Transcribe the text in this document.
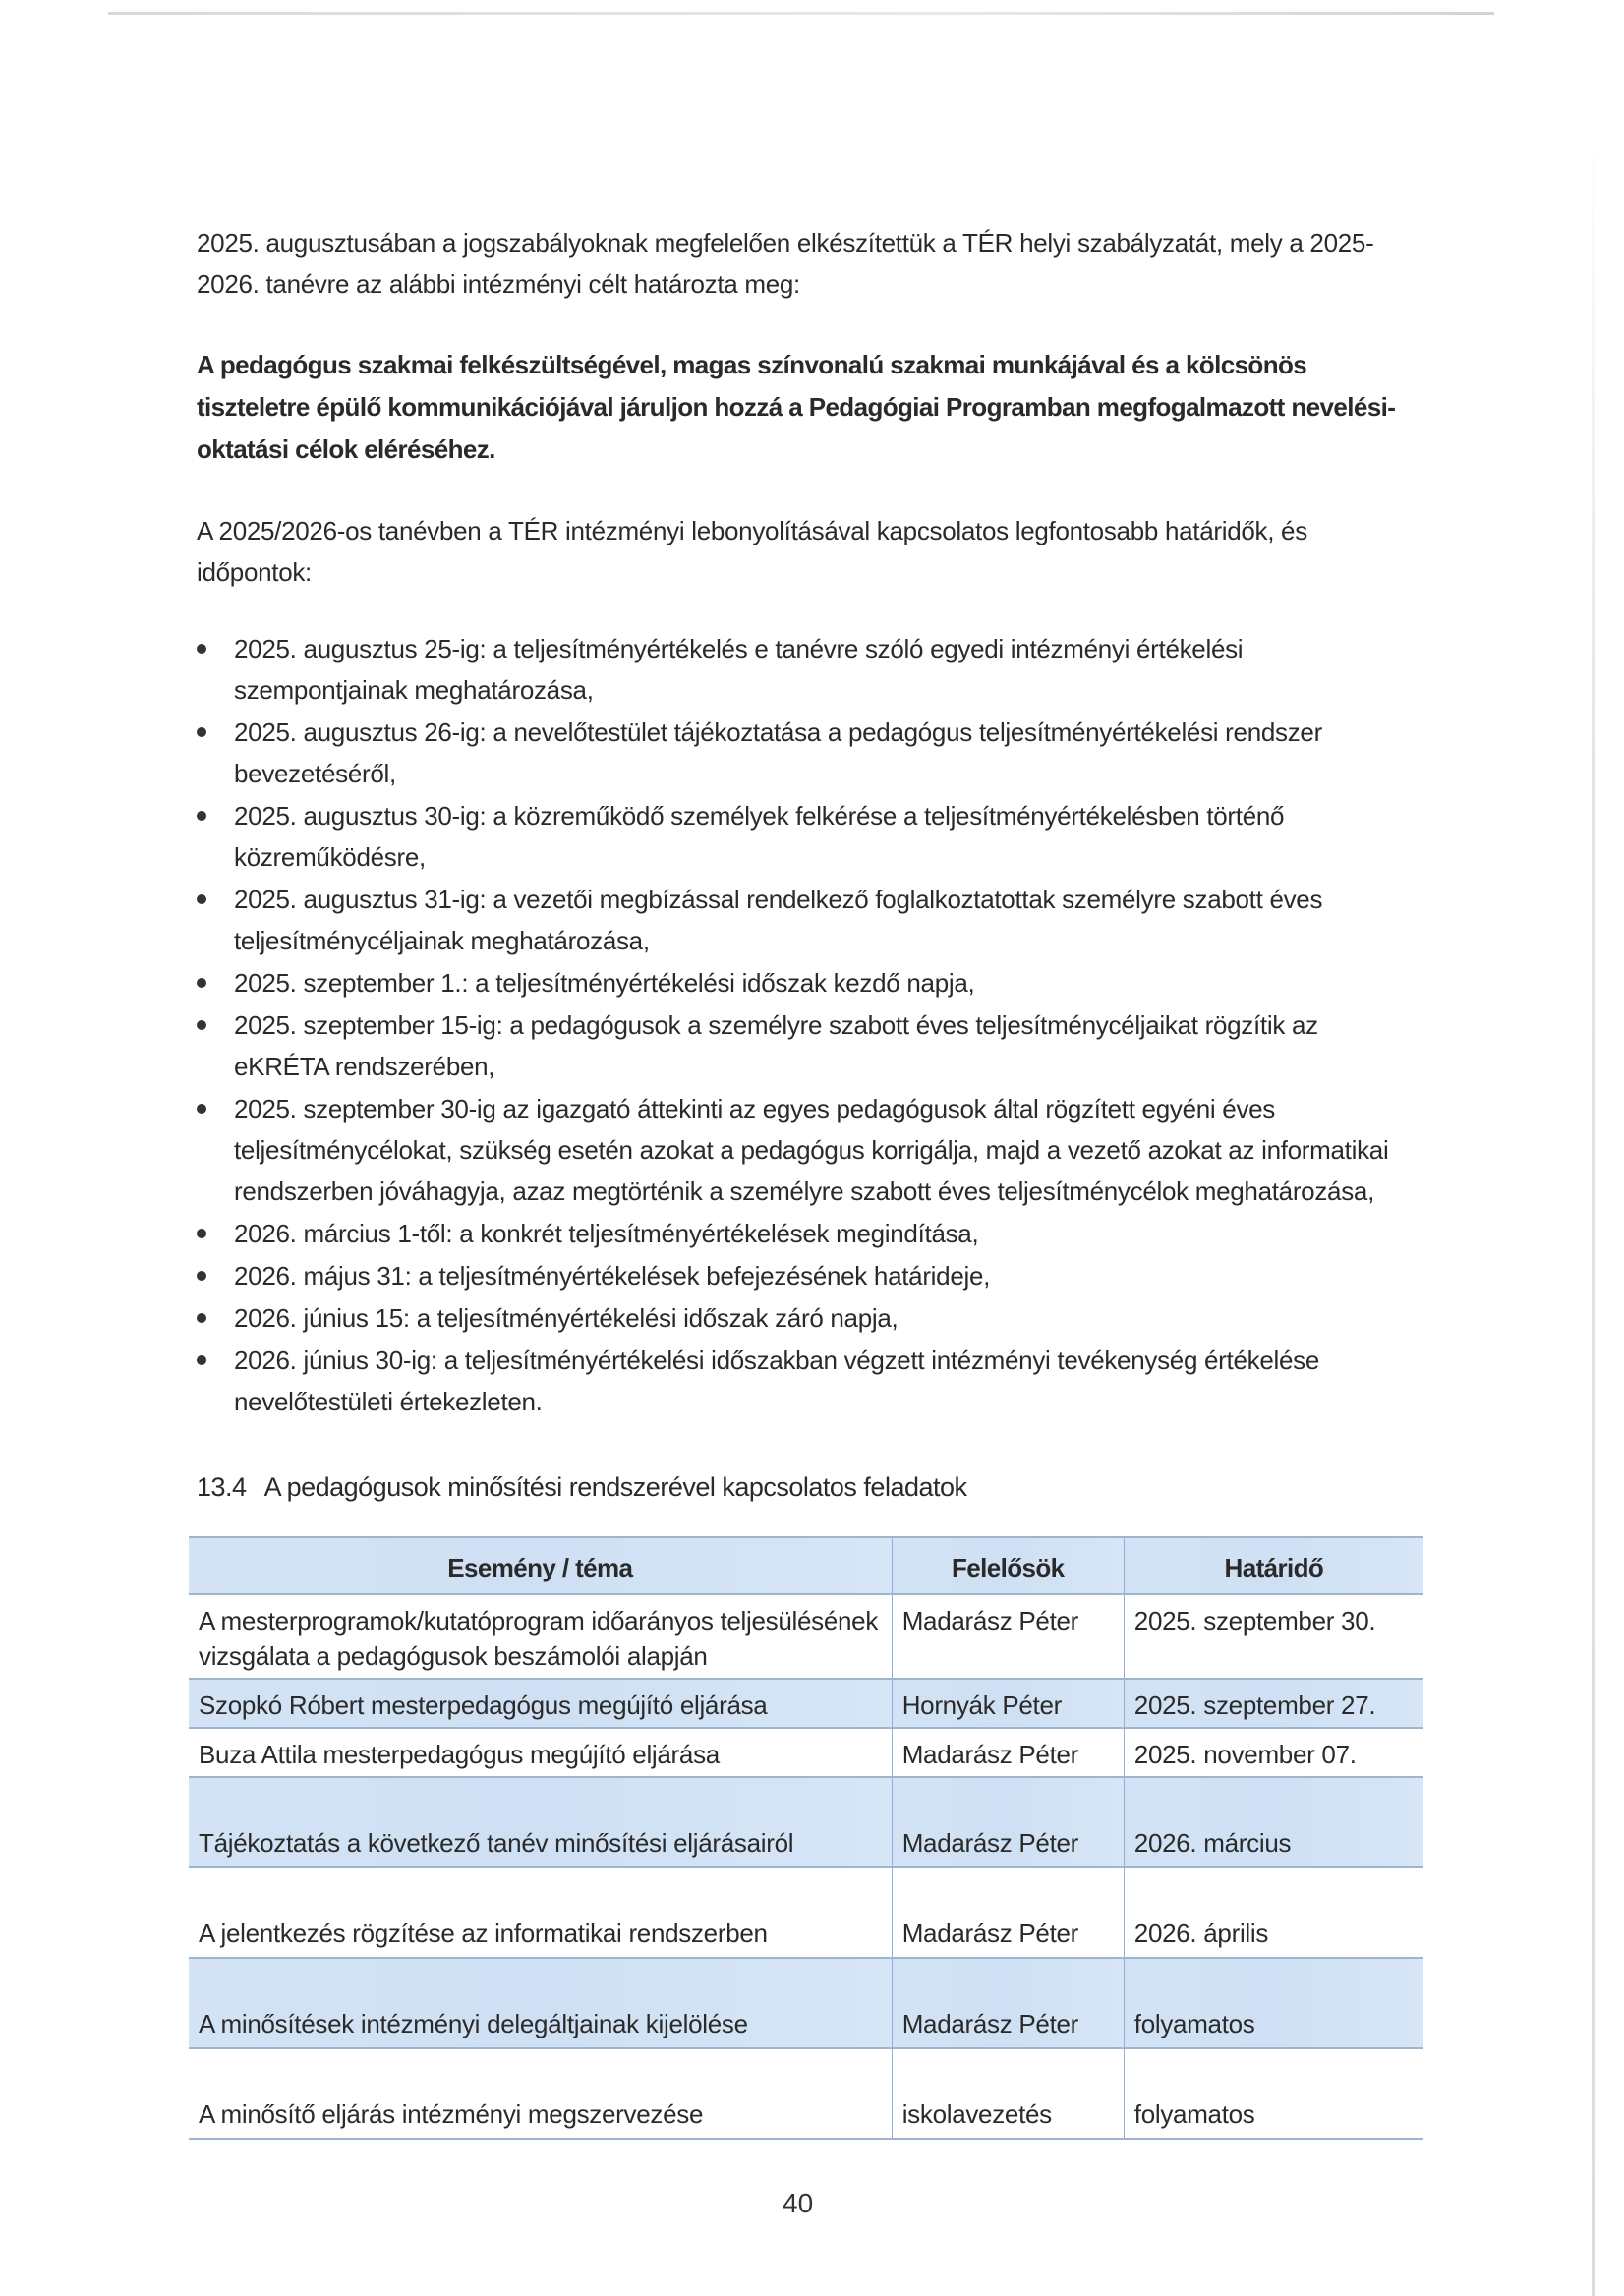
2025. augusztusában a jogszabályoknak megfelelően elkészítettük a TÉR helyi szabályzatát, mely a 2025-2026. tanévre az alábbi intézményi célt határozta meg:

A pedagógus szakmai felkészültségével, magas színvonalú szakmai munkájával és a kölcsönös tiszteletre épülő kommunikációjával járuljon hozzá a Pedagógiai Programban megfogalmazott nevelési-oktatási célok eléréséhez.

A 2025/2026-os tanévben a TÉR intézményi lebonyolításával kapcsolatos legfontosabb határidők, és időpontok:

2025. augusztus 25-ig: a teljesítményértékelés e tanévre szóló egyedi intézményi értékelési szempontjainak meghatározása,
2025. augusztus 26-ig: a nevelőtestület tájékoztatása a pedagógus teljesítményértékelési rendszer bevezetéséről,
2025. augusztus 30-ig: a közreműködő személyek felkérése a teljesítményértékelésben történő közreműködésre,
2025. augusztus 31-ig: a vezetői megbízással rendelkező foglalkoztatottak személyre szabott éves teljesítménycéljainak meghatározása,
2025. szeptember 1.: a teljesítményértékelési időszak kezdő napja,
2025. szeptember 15-ig: a pedagógusok a személyre szabott éves teljesítménycéljaikat rögzítik az eKRÉTA rendszerében,
2025. szeptember 30-ig az igazgató áttekinti az egyes pedagógusok által rögzített egyéni éves teljesítménycélokat, szükség esetén azokat a pedagógus korrigálja, majd a vezető azokat az informatikai rendszerben jóváhagyja, azaz megtörténik a személyre szabott éves teljesítménycélok meghatározása,
2026. március 1-től: a konkrét teljesítményértékelések megindítása,
2026. május 31: a teljesítményértékelések befejezésének határideje,
2026. június 15: a teljesítményértékelési időszak záró napja,
2026. június 30-ig: a teljesítményértékelési időszakban végzett intézményi tevékenység értékelése nevelőtestületi értekezleten.
13.4 A pedagógusok minősítési rendszerével kapcsolatos feladatok
Esemény / téma	Felelősök	Határidő
A mesterprogramok/kutatóprogram időarányos teljesülésének vizsgálata a pedagógusok beszámolói alapján	Madarász Péter	2025. szeptember 30.
Szopkó Róbert mesterpedagógus megújító eljárása	Hornyák Péter	2025. szeptember 27.
Buza Attila mesterpedagógus megújító eljárása	Madarász Péter	2025. november 07.
Tájékoztatás a következő tanév minősítési eljárásairól	Madarász Péter	2026. március
A jelentkezés rögzítése az informatikai rendszerben	Madarász Péter	2026. április
A minősítések intézményi delegáltjainak kijelölése	Madarász Péter	folyamatos
A minősítő eljárás intézményi megszervezése	iskolavezetés	folyamatos
40
